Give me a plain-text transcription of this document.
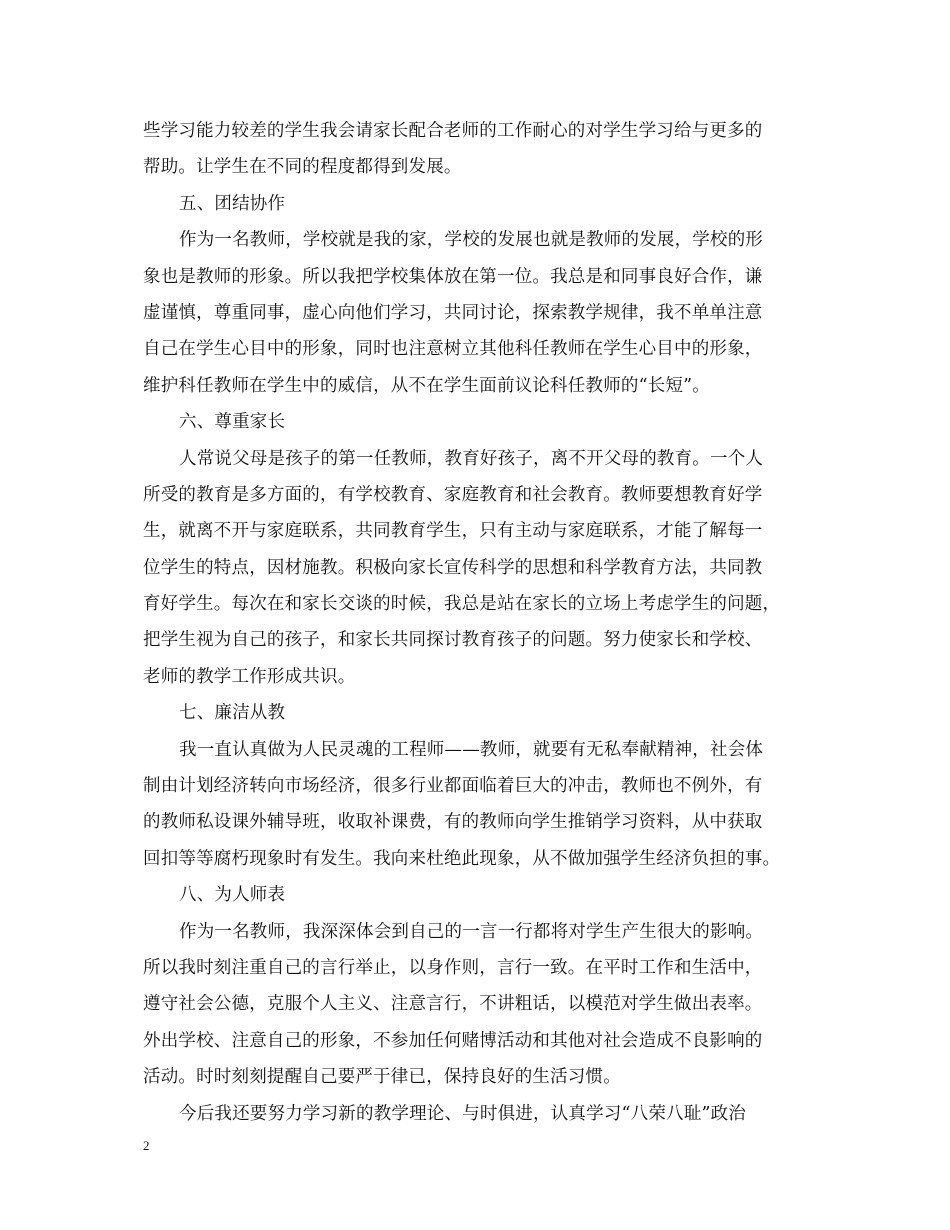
些学习能力较差的学生我会请家长配合老师的工作耐心的对学生学习给与更多的
帮助。让学生在不同的程度都得到发展。
五、团结协作
作为一名教师，学校就是我的家，学校的发展也就是教师的发展，学校的形
象也是教师的形象。所以我把学校集体放在第一位。我总是和同事良好合作，谦
虚谨慎，尊重同事，虚心向他们学习，共同讨论，探索教学规律，我不单单注意
自己在学生心目中的形象，同时也注意树立其他科任教师在学生心目中的形象，
维护科任教师在学生中的威信，从不在学生面前议论科任教师的“长短”。
六、尊重家长
人常说父母是孩子的第一任教师，教育好孩子，离不开父母的教育。一个人
所受的教育是多方面的，有学校教育、家庭教育和社会教育。教师要想教育好学
生，就离不开与家庭联系，共同教育学生，只有主动与家庭联系，才能了解每一
位学生的特点，因材施教。积极向家长宣传科学的思想和科学教育方法，共同教
育好学生。每次在和家长交谈的时候，我总是站在家长的立场上考虑学生的问题，
把学生视为自己的孩子，和家长共同探讨教育孩子的问题。努力使家长和学校、
老师的教学工作形成共识。
七、廉洁从教
我一直认真做为人民灵魂的工程师——教师，就要有无私奉献精神，社会体
制由计划经济转向市场经济，很多行业都面临着巨大的冲击，教师也不例外，有
的教师私设课外辅导班，收取补课费，有的教师向学生推销学习资料，从中获取
回扣等等腐朽现象时有发生。我向来杜绝此现象，从不做加强学生经济负担的事。
八、为人师表
作为一名教师，我深深体会到自己的一言一行都将对学生产生很大的影响。
所以我时刻注重自己的言行举止，以身作则，言行一致。在平时工作和生活中，
遵守社会公德，克服个人主义、注意言行，不讲粗话，以模范对学生做出表率。
外出学校、注意自己的形象，不参加任何赌博活动和其他对社会造成不良影响的
活动。时时刻刻提醒自己要严于律已，保持良好的生活习惯。
今后我还要努力学习新的教学理论、与时俱进，认真学习“八荣八耻”政治
2
